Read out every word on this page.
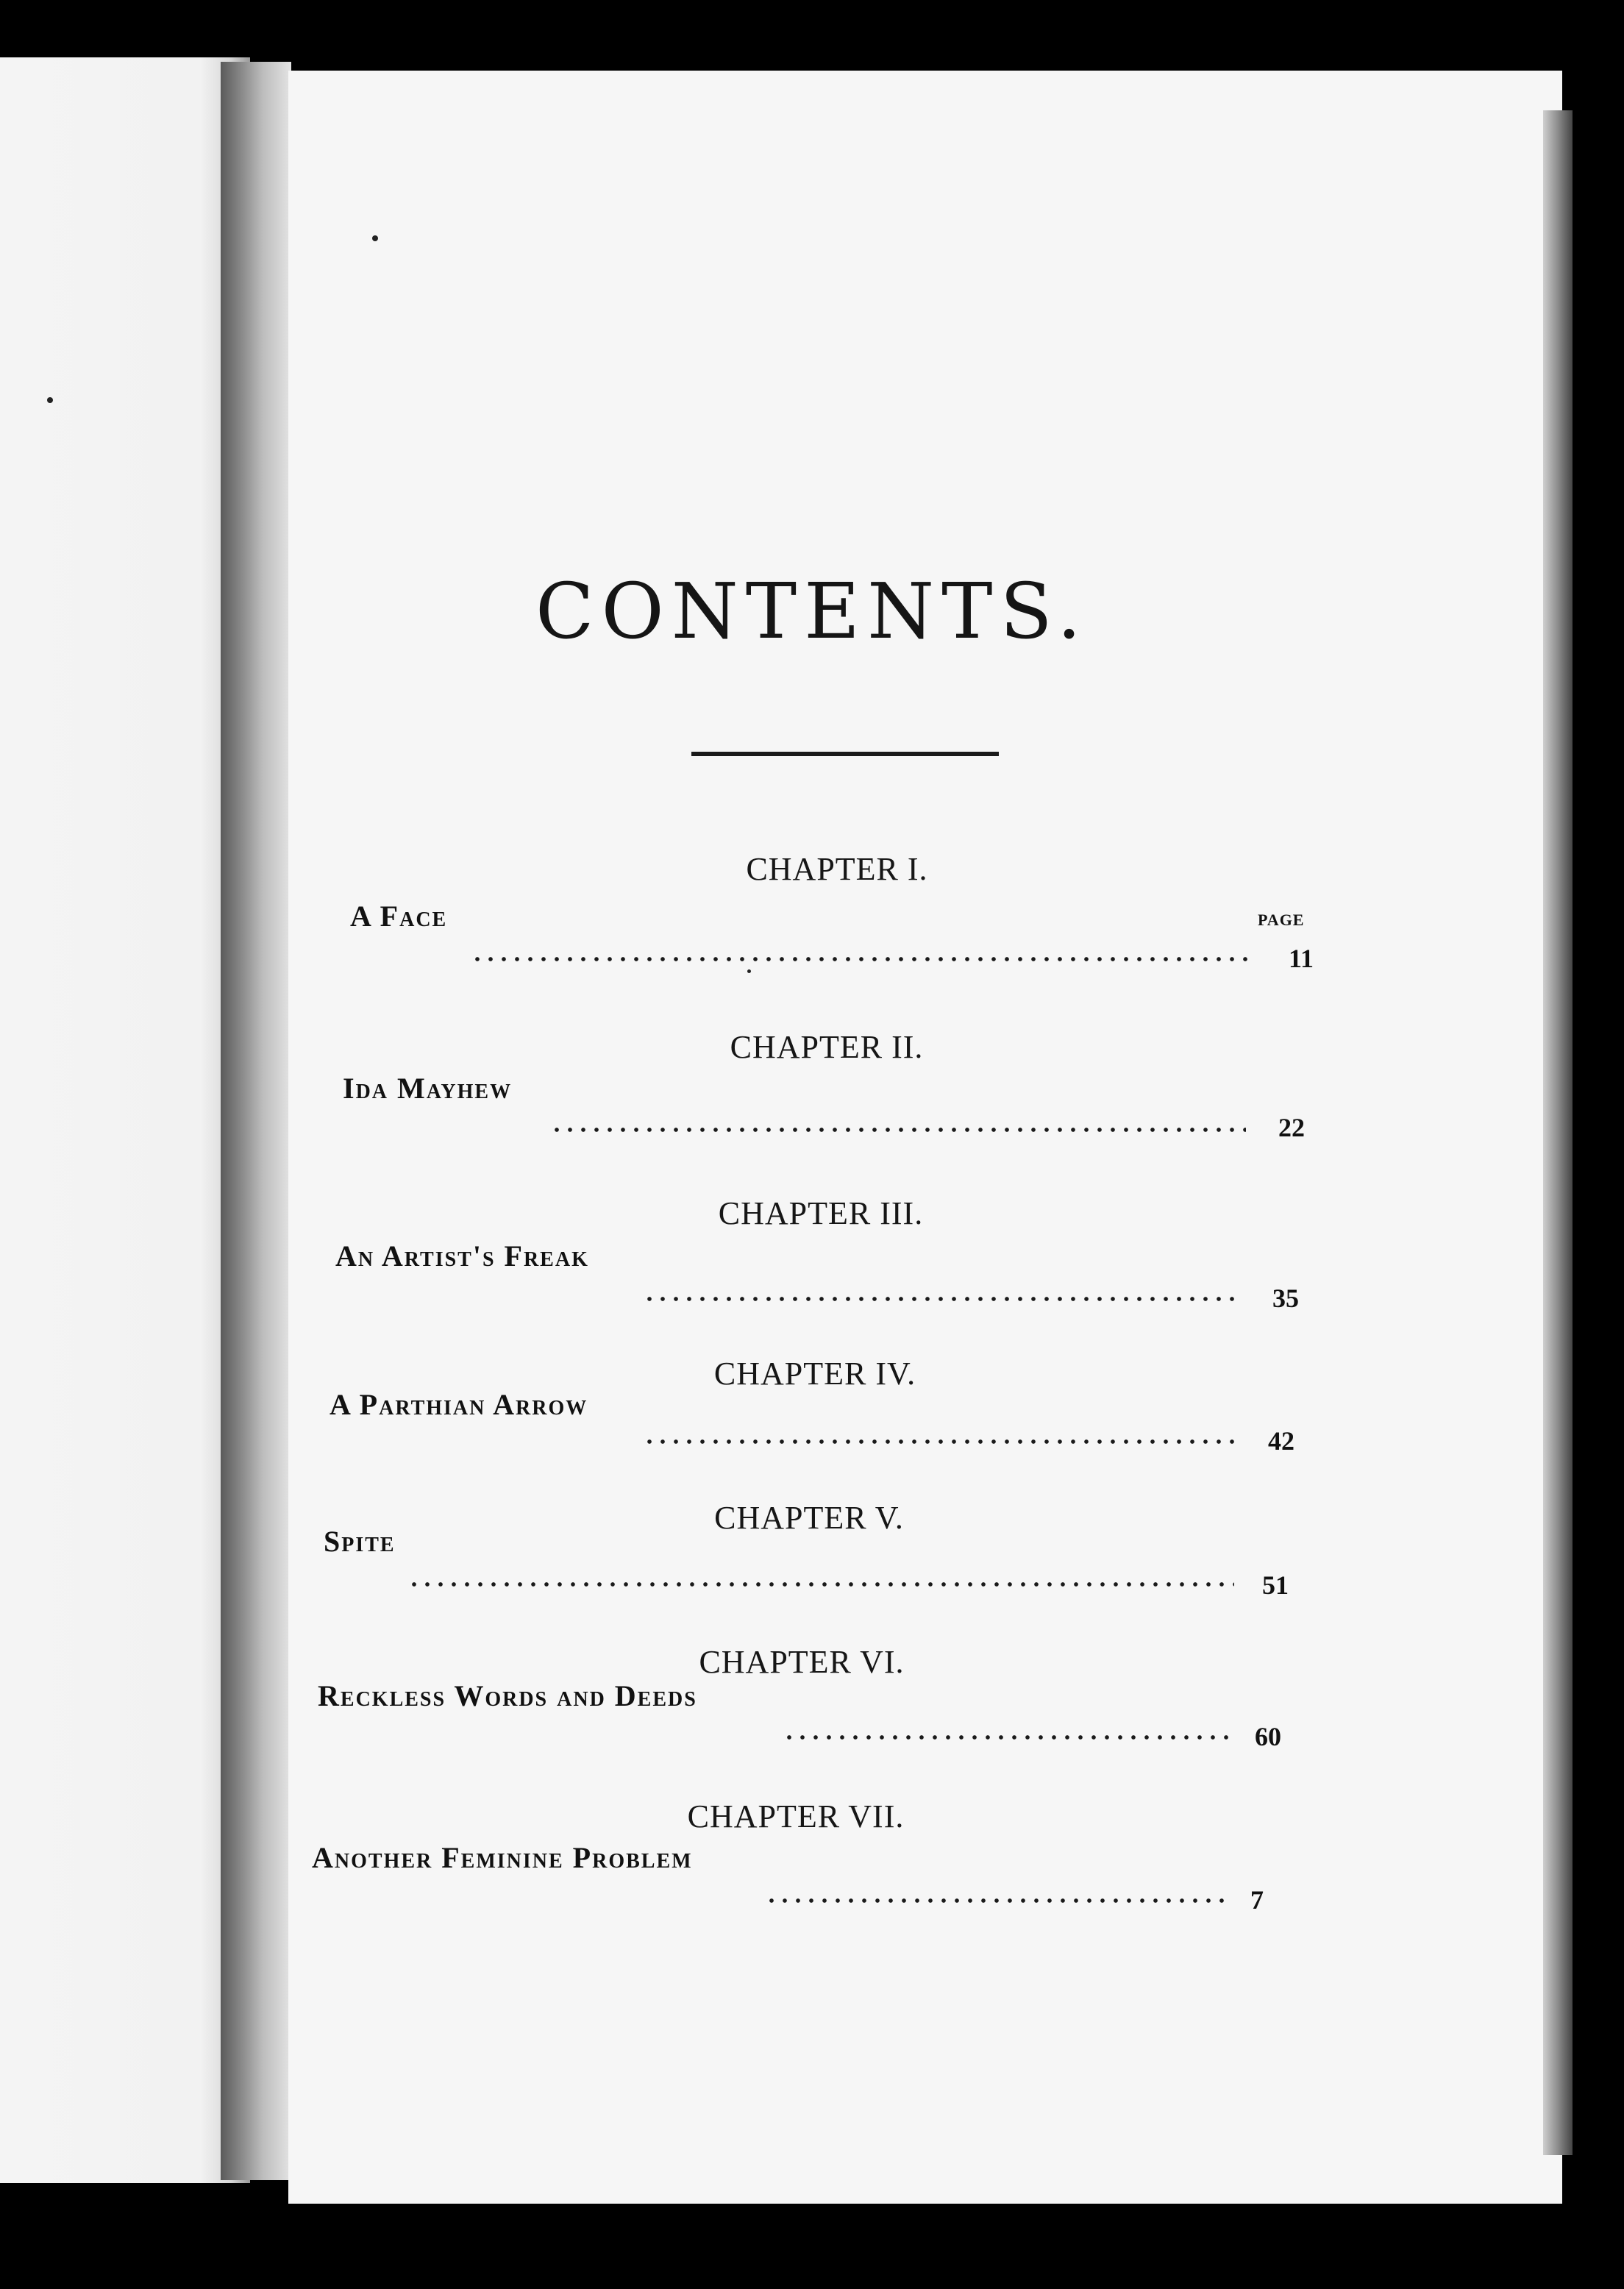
CONTENTS.
PAGE
CHAPTER I.
A Face
11
CHAPTER II.
Ida Mayhew
22
CHAPTER III.
An Artist's Freak
35
CHAPTER IV.
A Parthian Arrow
42
CHAPTER V.
Spite
51
CHAPTER VI.
Reckless Words and Deeds
60
CHAPTER VII.
Another Feminine Problem
7
